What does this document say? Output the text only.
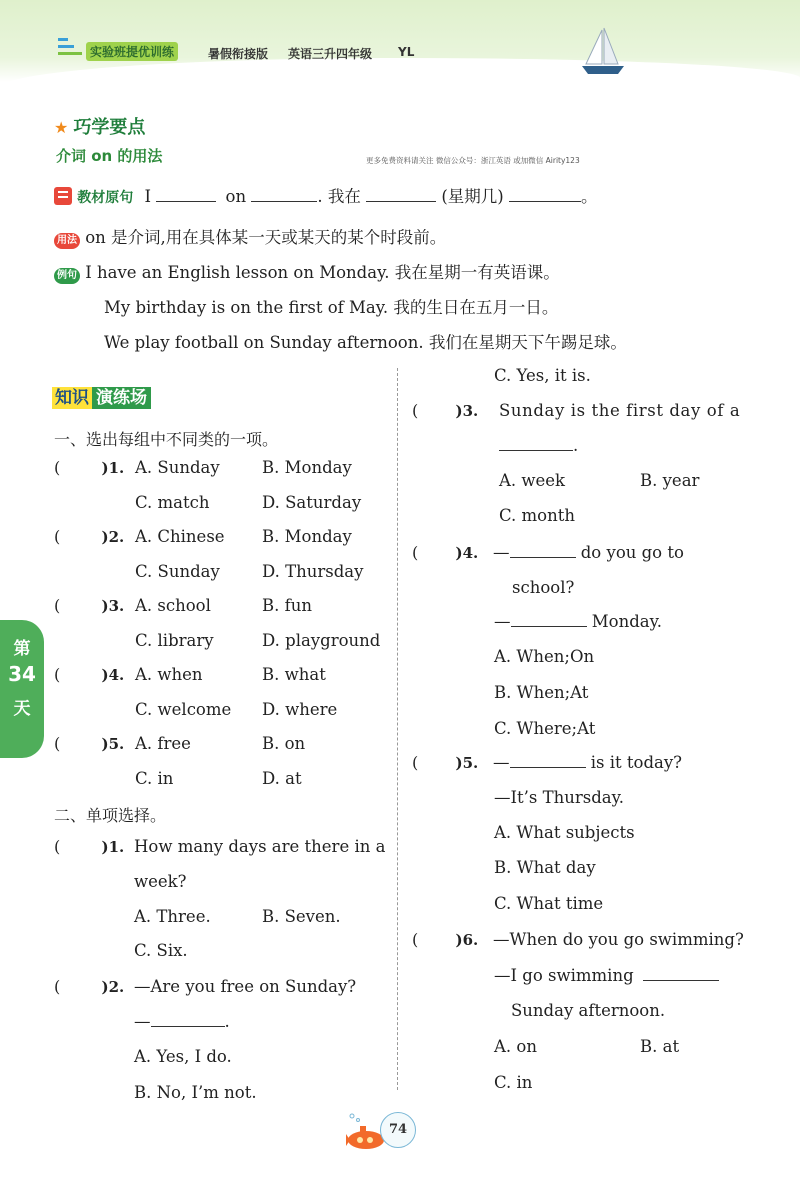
实验班提优训练	暑假衔接版 英语三升四年级 YL
★ 巧学要点
介词 on 的用法	更多免费资料请关注 微信公众号：浙江英语 或加微信 Airity123
教材原句 I	on	. 我在	(星期几)	。
用法 on 是介词,用在具体某一天或某天的某个时段前。
例句 I have an English lesson on Monday. 我在星期一有英语课。
My birthday is on the first of May. 我的生日在五月一日。
We play football on Sunday afternoon. 我们在星期天下午踢足球。
知识 演练场
一、选出每组中不同类的一项。
(	)1. A. Sunday	B. Monday
C. match	D. Saturday
(	)2. A. Chinese B. Monday
C. Sunday	D. Thursday
(	)3. A. school	B. fun
C. library	D. playground
(	)4. A. when	B. what
C. welcome D. where
(	)5. A. free	B. on
C. in	D. at
二、单项选择。
(	)1. How many days are there in a
week?
A. Three.	B. Seven.
C. Six.
(	)2. —Are you free on Sunday?
—	.
A. Yes, I do.
B. No, I’m not.
C. Yes, it is.
( )3. Sunday is the first day of a
.
A. week	B. year
C. month
( )4. —	do you go to
school?
—	Monday.
A. When;On
B. When;At
C. Where;At
( )5. —	is it today?
—It’s Thursday.
A. What subjects
B. What day
C. What time
( )6. —When do you go swimming?
—I go swimming
Sunday afternoon.
A. on	B. at
C. in
第
34
天
74
